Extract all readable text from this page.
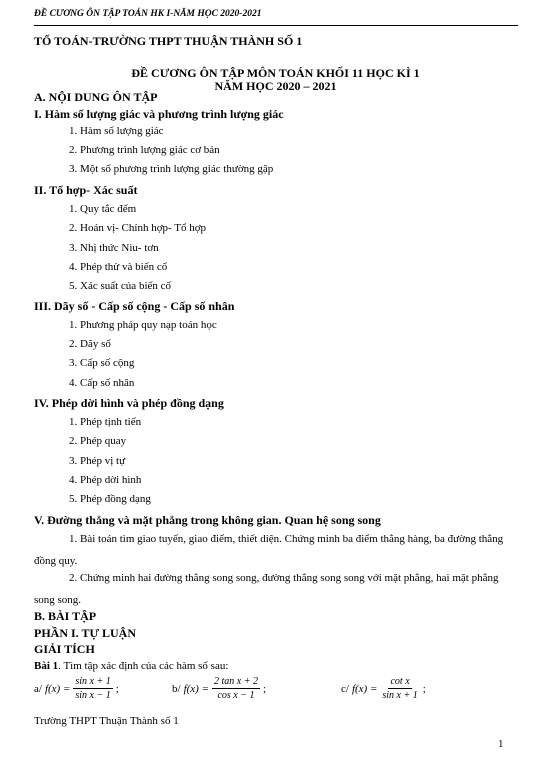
ĐỀ CƯƠNG ÔN TẬP TOÁN HK I-NĂM HỌC 2020-2021
TỔ TOÁN-TRƯỜNG THPT THUẬN THÀNH SỐ 1
ĐỀ CƯƠNG ÔN TẬP MÔN TOÁN KHỐI 11 HỌC KÌ 1
NĂM HỌC 2020 – 2021
A. NỘI DUNG ÔN TẬP
I. Hàm số lượng giác và phương trình lượng giác
1. Hàm số lượng giác
2. Phương trình lượng giác cơ bản
3. Một số phương trình lượng giác thường gặp
II. Tổ hợp- Xác suất
1. Quy tắc đếm
2. Hoán vị- Chỉnh hợp- Tổ hợp
3. Nhị thức Niu- tơn
4. Phép thử và biến cố
5. Xác suất của biến cố
III. Dãy số - Cấp số cộng - Cấp số nhân
1. Phương pháp quy nạp toán học
2. Dãy số
3. Cấp số cộng
4. Cấp số nhân
IV. Phép dời hình và phép đồng dạng
1. Phép tịnh tiến
2. Phép quay
3. Phép vị tự
4. Phép dời hình
5. Phép đồng dạng
V. Đường thẳng và mặt phẳng trong không gian. Quan hệ song song
1. Bài toán tìm giao tuyến, giao điểm, thiết diện. Chứng minh ba điểm thẳng hàng, ba đường thẳng đồng quy.
2. Chứng minh hai đường thẳng song song, đường thẳng song song với mặt phẳng, hai mặt phẳng song song.
B. BÀI TẬP
PHẦN I. TỰ LUẬN
GIẢI TÍCH
Bài 1. Tìm tập xác định của các hàm số sau:
a/ $f(x) = \frac{\text{sin x + 1}}{\text{sin x − 1}}$ ;	b/ $f(x) = \frac{\text{2 tan x + 2}}{\text{cos x − 1}}$ ;	c/ $f(x) = \frac{\text{cot x}}{\text{sin x + 1}}$ ;
Trường THPT Thuận Thành số 1
1
